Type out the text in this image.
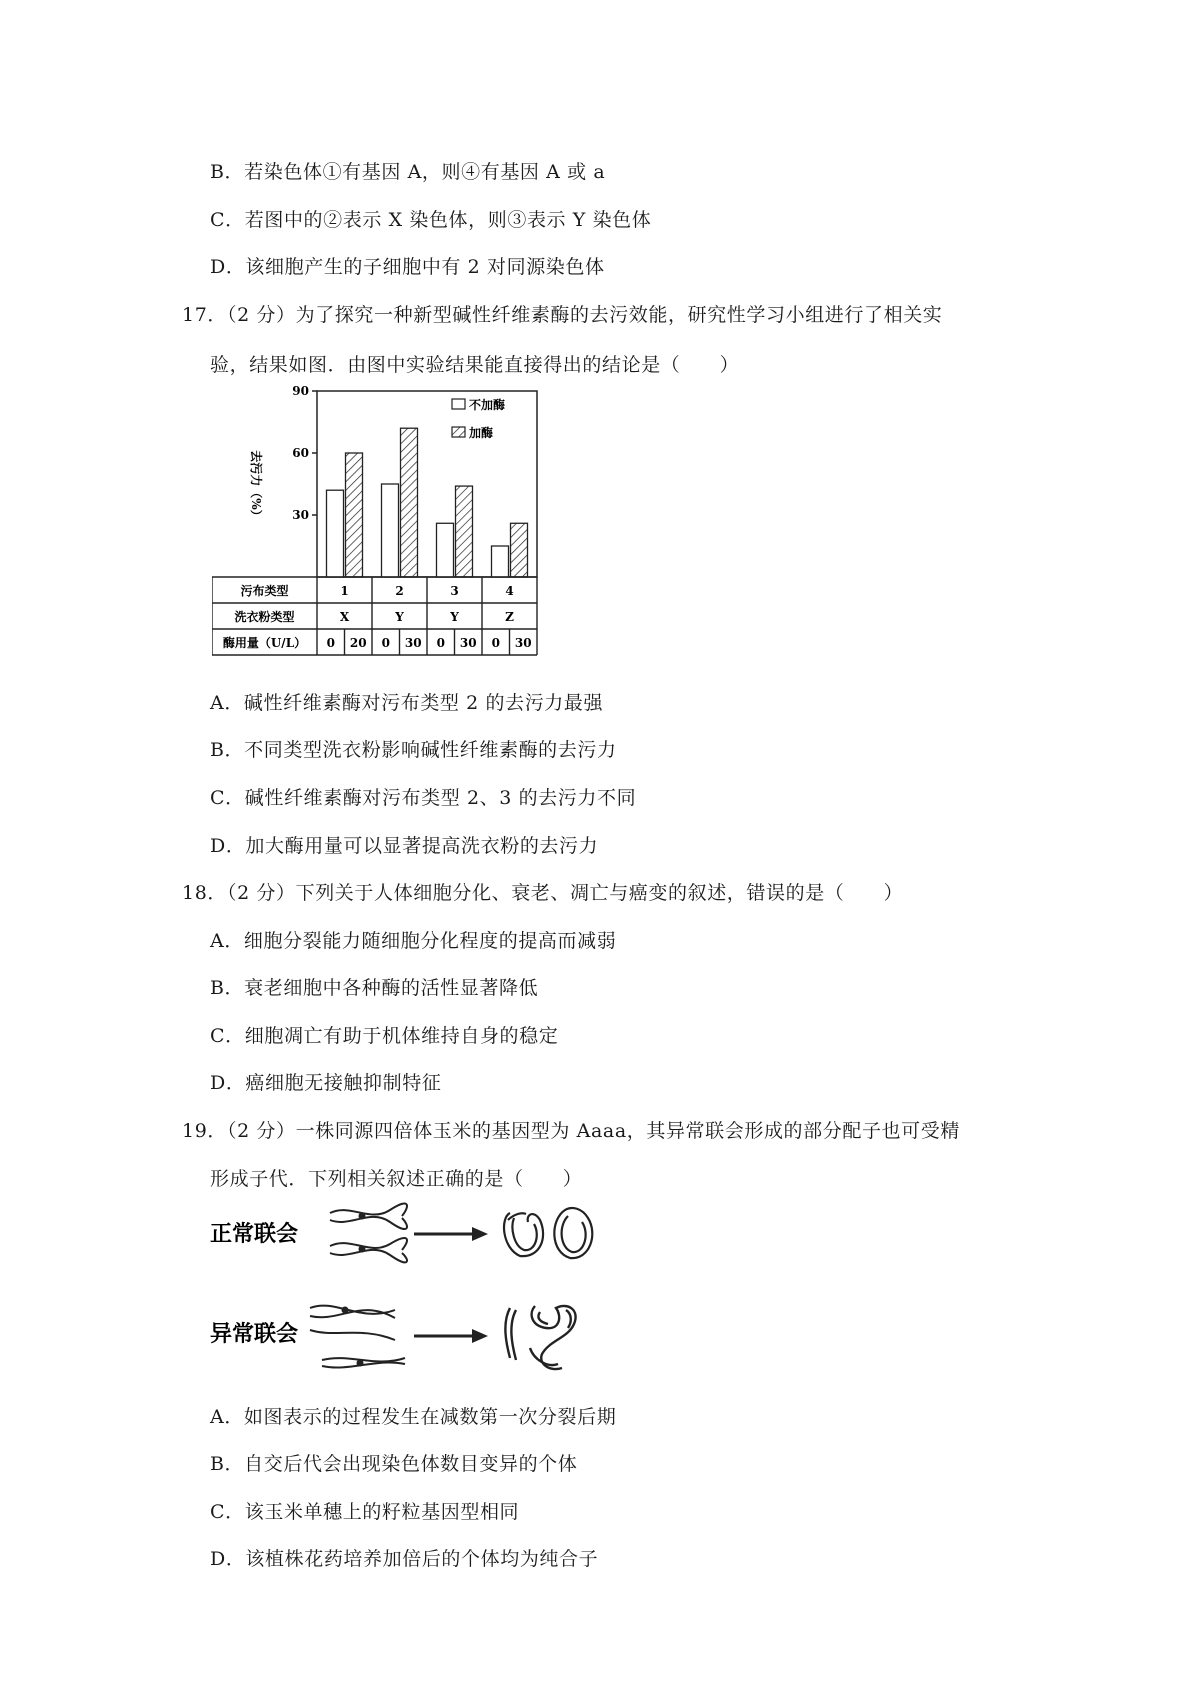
B．若染色体①有基因 A，则④有基因 A 或 a
C．若图中的②表示 X 染色体，则③表示 Y 染色体
D．该细胞产生的子细胞中有 2 对同源染色体
17．（2 分）为了探究一种新型碱性纤维素酶的去污效能，研究性学习小组进行了相关实
验，结果如图．由图中实验结果能直接得出的结论是（　　）
去污力（%） 30
60
90
不加酶
加酶
污布类型
洗衣粉类型
酶用量（U/L）
1
X
0 20
2
Y
0 30
3
Y
0 30
4
Z
0 30
A．碱性纤维素酶对污布类型 2 的去污力最强
B．不同类型洗衣粉影响碱性纤维素酶的去污力
C．碱性纤维素酶对污布类型 2、3 的去污力不同
D．加大酶用量可以显著提高洗衣粉的去污力
18．（2 分）下列关于人体细胞分化、衰老、凋亡与癌变的叙述，错误的是（　　）
A．细胞分裂能力随细胞分化程度的提高而减弱
B．衰老细胞中各种酶的活性显著降低
C．细胞凋亡有助于机体维持自身的稳定
D．癌细胞无接触抑制特征
19．（2 分）一株同源四倍体玉米的基因型为 Aaaa，其异常联会形成的部分配子也可受精
形成子代．下列相关叙述正确的是（　　）
正常联会
异常联会
A．如图表示的过程发生在减数第一次分裂后期
B．自交后代会出现染色体数目变异的个体
C．该玉米单穗上的籽粒基因型相同
D．该植株花药培养加倍后的个体均为纯合子
